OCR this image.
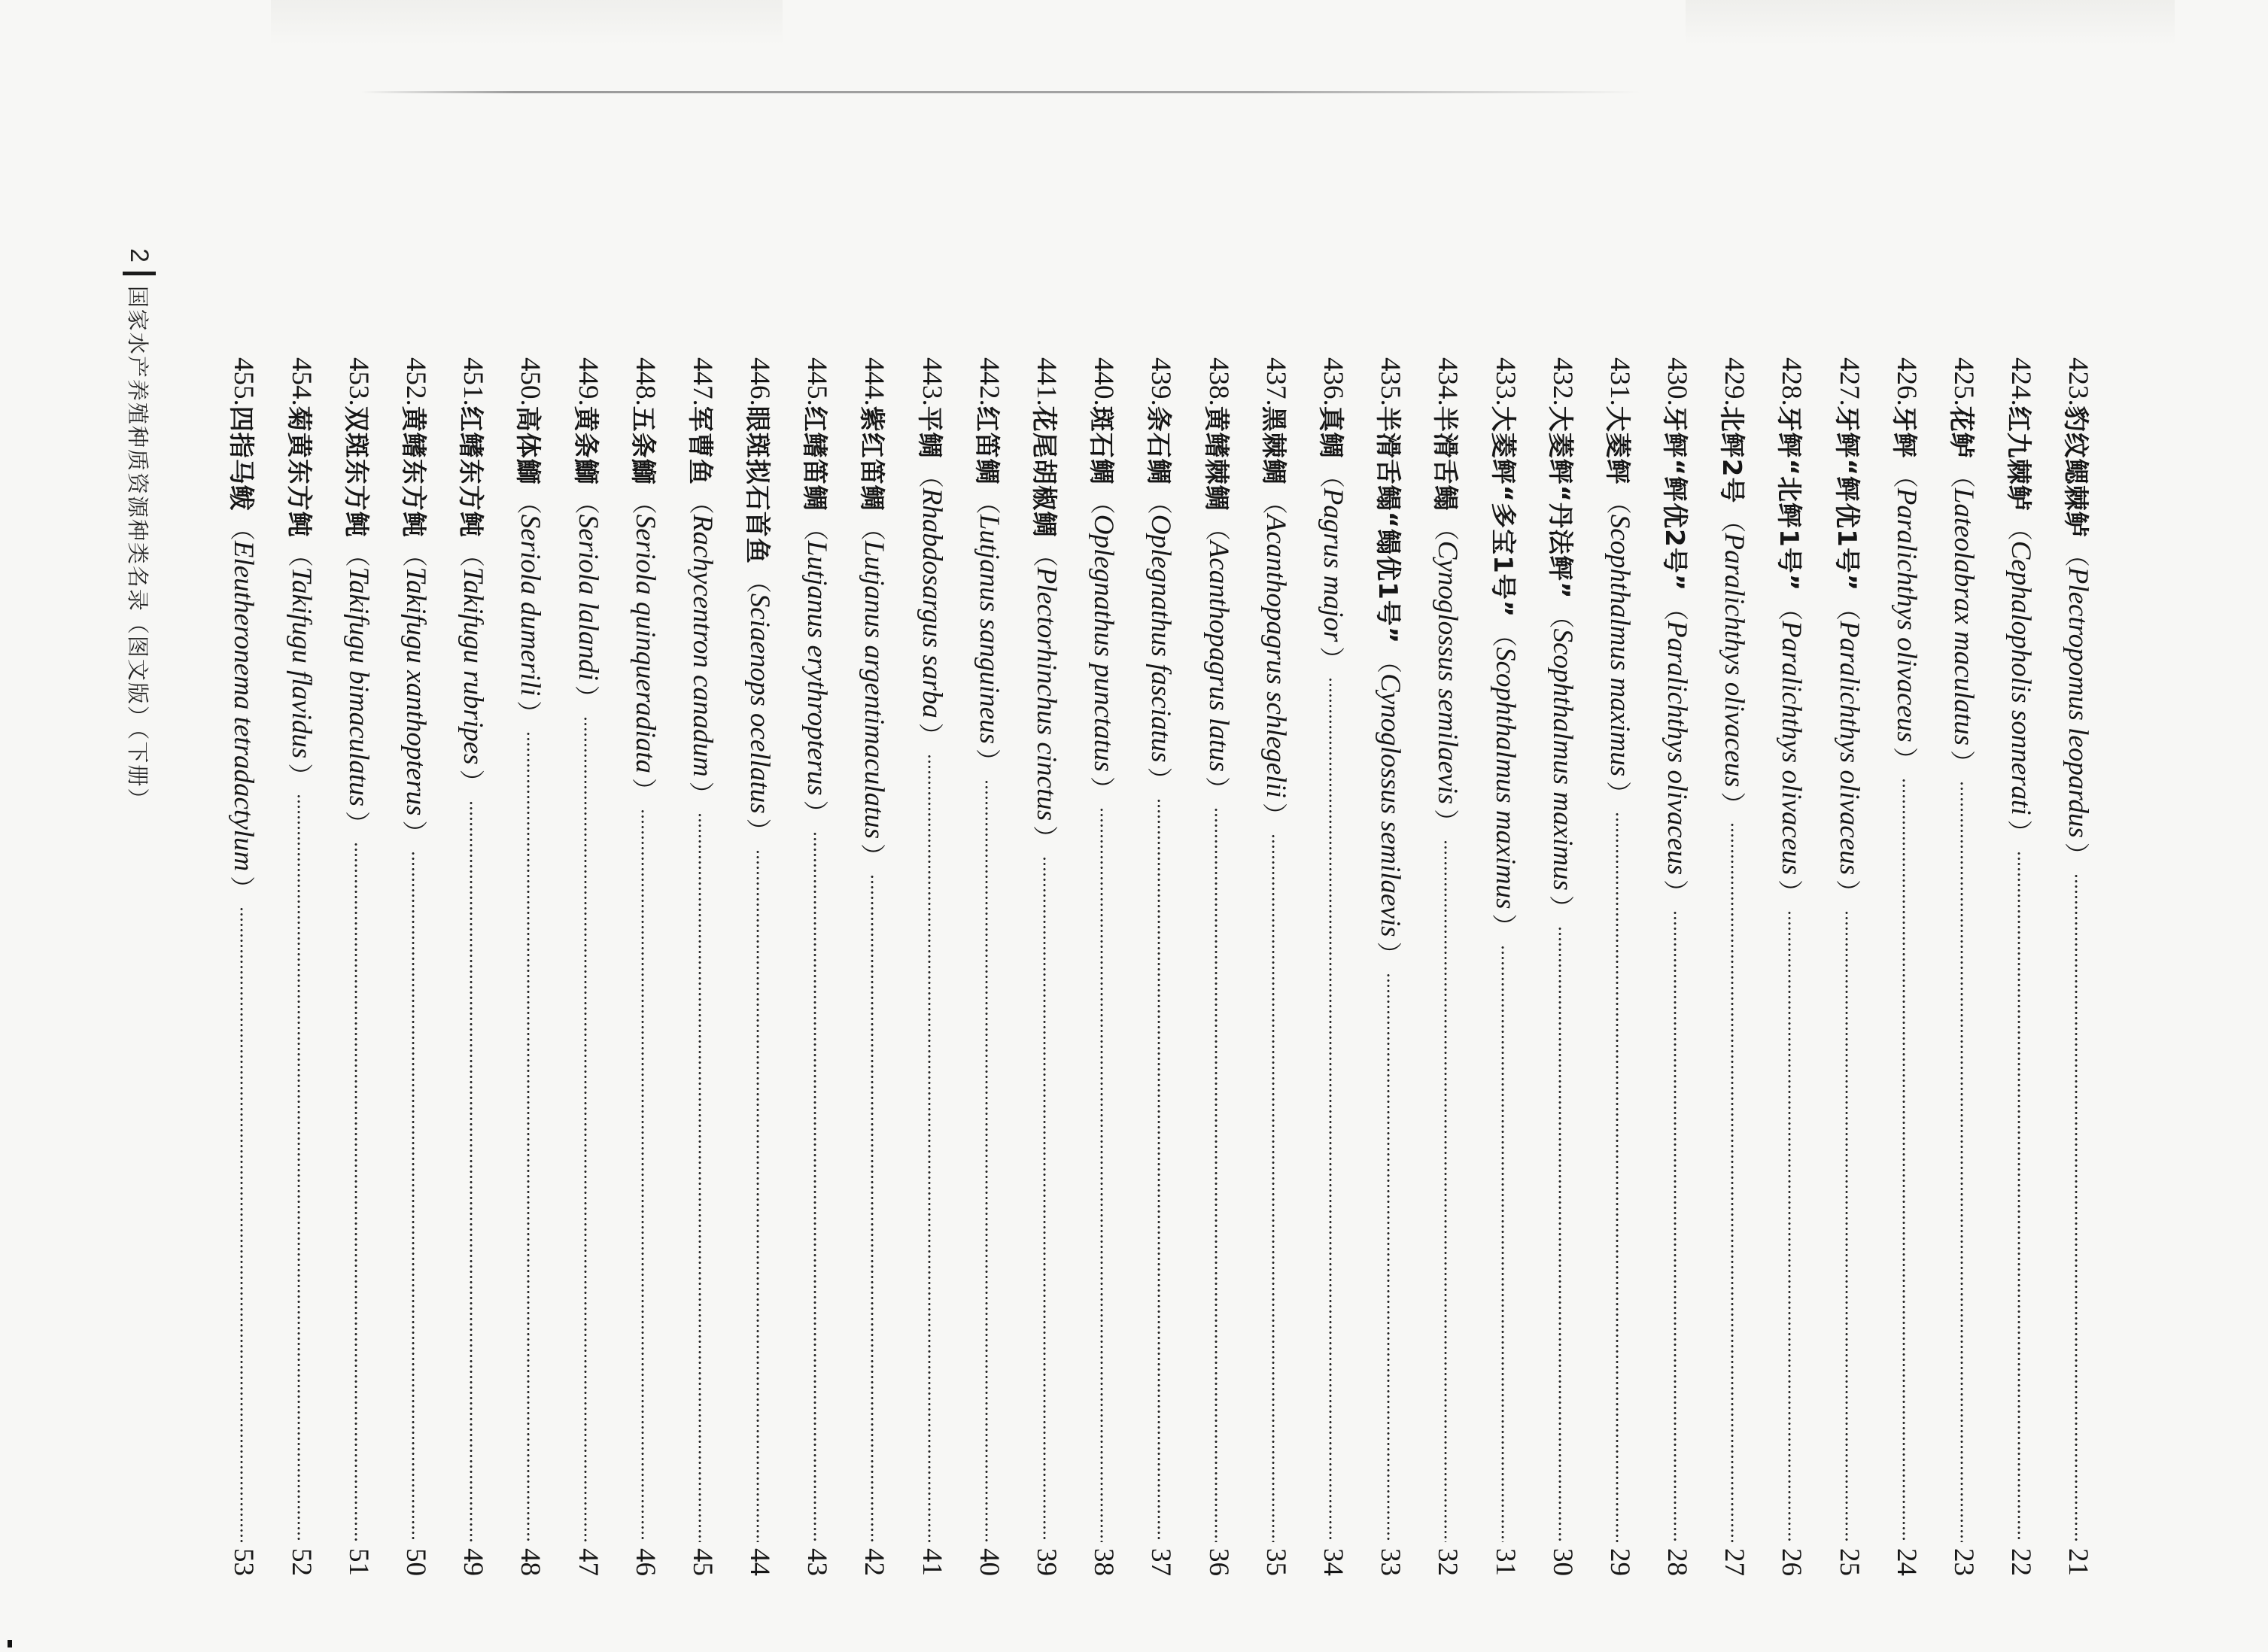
2
国家水产养殖种质资源种类名录（图文版）（下册）	423.
豹纹鳃棘鲈
（
Plectropomus leopardus
）
21
424.
红九棘鲈
（
Cephalopholis sonnerati
）
22
425.
花鲈
（
Lateolabrax maculatus
）
23
426.
牙鲆
（
Paralichthys olivaceus
）
24
427.
牙鲆“鲆优1号”
（
Paralichthys olivaceus
）
25
428.
牙鲆“北鲆1号”
（
Paralichthys olivaceus
）
26
429.
北鲆2号
（
Paralichthys olivaceus
）
27
430.
牙鲆“鲆优2号”
（
Paralichthys olivaceus
）
28
431.
大菱鲆
（
Scophthalmus maximus
）
29
432.
大菱鲆“丹法鲆”
（
Scophthalmus maximus
）
30
433.
大菱鲆“多宝1号”
（
Scophthalmus maximus
）
31
434.
半滑舌鳎
（
Cynoglossus semilaevis
）
32
435.
半滑舌鳎“鳎优1号”
（
Cynoglossus semilaevis
）
33
436.
真鲷
（
Pagrus major
）
34
437.
黑棘鲷
（
Acanthopagrus schlegelii
）
35
438.
黄鳍棘鲷
（
Acanthopagrus latus
）
36
439.
条石鲷
（
Oplegnathus fasciatus
）
37
440.
斑石鲷
（
Oplegnathus punctatus
）
38
441.
花尾胡椒鲷
（
Plectorhinchus cinctus
）
39
442.
红笛鲷
（
Lutjanus sanguineus
）
40
443.
平鲷
（
Rhabdosargus sarba
）
41
444.
紫红笛鲷
（
Lutjanus argentimaculatus
）
42
445.
红鳍笛鲷
（
Lutjanus erythropterus
）
43
446.
眼斑拟石首鱼
（
Sciaenops ocellatus
）
44
447.
军曹鱼
（
Rachycentron canadum
）
45
448.
五条鰤
（
Seriola quinqueradiata
）
46
449.
黄条鰤
（
Seriola lalandi
）
47
450.
高体鰤
（
Seriola dumerili
）
48
451.
红鳍东方鲀
（
Takifugu rubripes
）
49
452.
黄鳍东方鲀
（
Takifugu xanthopterus
）
50
453.
双斑东方鲀
（
Takifugu bimaculatus
）
51
454.
菊黄东方鲀
（
Takifugu flavidus
）
52
455.
四指马鲅
（
Eleutheronema tetradactylum
）
53
